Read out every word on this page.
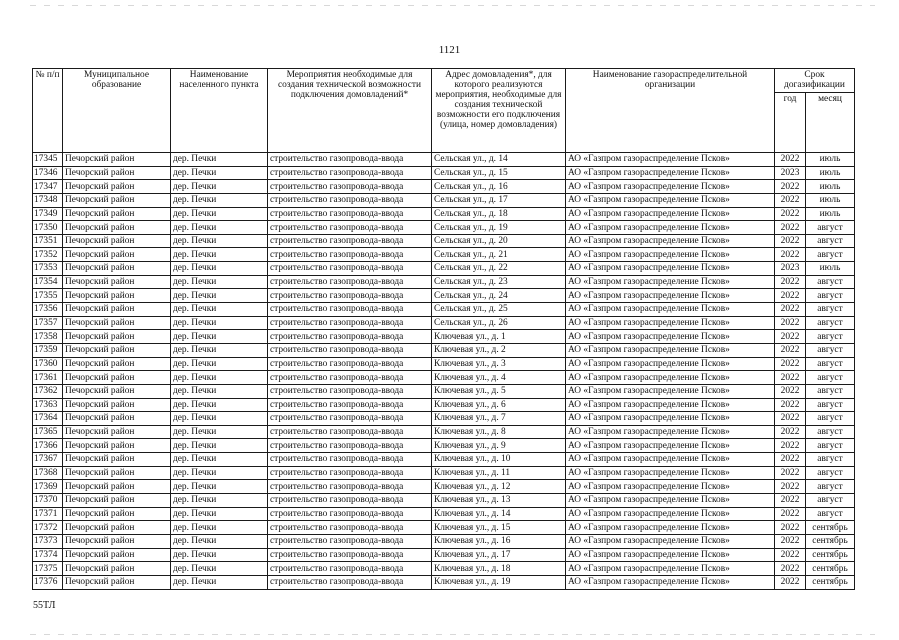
1121
№ п/п	Муниципальное образование	Наименование населенного пункта	Мероприятия необходимые для создания технической возможности подключения домовладений*	Адрес домовладения*, для которого реализуются мероприятия, необходимые для создания технической возможности его подключения (улица, номер домовладения)	Наименование газораспределительной организации	Срок догазификации	
						год	месяц
17345	Печорский район	дер. Печки	строительство газопровода-ввода	Сельская ул., д. 14	АО «Газпром газораспределение Псков»	2022	июль
17346	Печорский район	дер. Печки	строительство газопровода-ввода	Сельская ул., д. 15	АО «Газпром газораспределение Псков»	2023	июль
17347	Печорский район	дер. Печки	строительство газопровода-ввода	Сельская ул., д. 16	АО «Газпром газораспределение Псков»	2022	июль
17348	Печорский район	дер. Печки	строительство газопровода-ввода	Сельская ул., д. 17	АО «Газпром газораспределение Псков»	2022	июль
17349	Печорский район	дер. Печки	строительство газопровода-ввода	Сельская ул., д. 18	АО «Газпром газораспределение Псков»	2022	июль
17350	Печорский район	дер. Печки	строительство газопровода-ввода	Сельская ул., д. 19	АО «Газпром газораспределение Псков»	2022	август
17351	Печорский район	дер. Печки	строительство газопровода-ввода	Сельская ул., д. 20	АО «Газпром газораспределение Псков»	2022	август
17352	Печорский район	дер. Печки	строительство газопровода-ввода	Сельская ул., д. 21	АО «Газпром газораспределение Псков»	2022	август
17353	Печорский район	дер. Печки	строительство газопровода-ввода	Сельская ул., д. 22	АО «Газпром газораспределение Псков»	2023	июль
17354	Печорский район	дер. Печки	строительство газопровода-ввода	Сельская ул., д. 23	АО «Газпром газораспределение Псков»	2022	август
17355	Печорский район	дер. Печки	строительство газопровода-ввода	Сельская ул., д. 24	АО «Газпром газораспределение Псков»	2022	август
17356	Печорский район	дер. Печки	строительство газопровода-ввода	Сельская ул., д. 25	АО «Газпром газораспределение Псков»	2022	август
17357	Печорский район	дер. Печки	строительство газопровода-ввода	Сельская ул., д. 26	АО «Газпром газораспределение Псков»	2022	август
17358	Печорский район	дер. Печки	строительство газопровода-ввода	Ключевая ул., д. 1	АО «Газпром газораспределение Псков»	2022	август
17359	Печорский район	дер. Печки	строительство газопровода-ввода	Ключевая ул., д. 2	АО «Газпром газораспределение Псков»	2022	август
17360	Печорский район	дер. Печки	строительство газопровода-ввода	Ключевая ул., д. 3	АО «Газпром газораспределение Псков»	2022	август
17361	Печорский район	дер. Печки	строительство газопровода-ввода	Ключевая ул., д. 4	АО «Газпром газораспределение Псков»	2022	август
17362	Печорский район	дер. Печки	строительство газопровода-ввода	Ключевая ул., д. 5	АО «Газпром газораспределение Псков»	2022	август
17363	Печорский район	дер. Печки	строительство газопровода-ввода	Ключевая ул., д. 6	АО «Газпром газораспределение Псков»	2022	август
17364	Печорский район	дер. Печки	строительство газопровода-ввода	Ключевая ул., д. 7	АО «Газпром газораспределение Псков»	2022	август
17365	Печорский район	дер. Печки	строительство газопровода-ввода	Ключевая ул., д. 8	АО «Газпром газораспределение Псков»	2022	август
17366	Печорский район	дер. Печки	строительство газопровода-ввода	Ключевая ул., д. 9	АО «Газпром газораспределение Псков»	2022	август
17367	Печорский район	дер. Печки	строительство газопровода-ввода	Ключевая ул., д. 10	АО «Газпром газораспределение Псков»	2022	август
17368	Печорский район	дер. Печки	строительство газопровода-ввода	Ключевая ул., д. 11	АО «Газпром газораспределение Псков»	2022	август
17369	Печорский район	дер. Печки	строительство газопровода-ввода	Ключевая ул., д. 12	АО «Газпром газораспределение Псков»	2022	август
17370	Печорский район	дер. Печки	строительство газопровода-ввода	Ключевая ул., д. 13	АО «Газпром газораспределение Псков»	2022	август
17371	Печорский район	дер. Печки	строительство газопровода-ввода	Ключевая ул., д. 14	АО «Газпром газораспределение Псков»	2022	август
17372	Печорский район	дер. Печки	строительство газопровода-ввода	Ключевая ул., д. 15	АО «Газпром газораспределение Псков»	2022	сентябрь
17373	Печорский район	дер. Печки	строительство газопровода-ввода	Ключевая ул., д. 16	АО «Газпром газораспределение Псков»	2022	сентябрь
17374	Печорский район	дер. Печки	строительство газопровода-ввода	Ключевая ул., д. 17	АО «Газпром газораспределение Псков»	2022	сентябрь
17375	Печорский район	дер. Печки	строительство газопровода-ввода	Ключевая ул., д. 18	АО «Газпром газораспределение Псков»	2022	сентябрь
17376	Печорский район	дер. Печки	строительство газопровода-ввода	Ключевая ул., д. 19	АО «Газпром газораспределение Псков»	2022	сентябрь
55ТЛ
